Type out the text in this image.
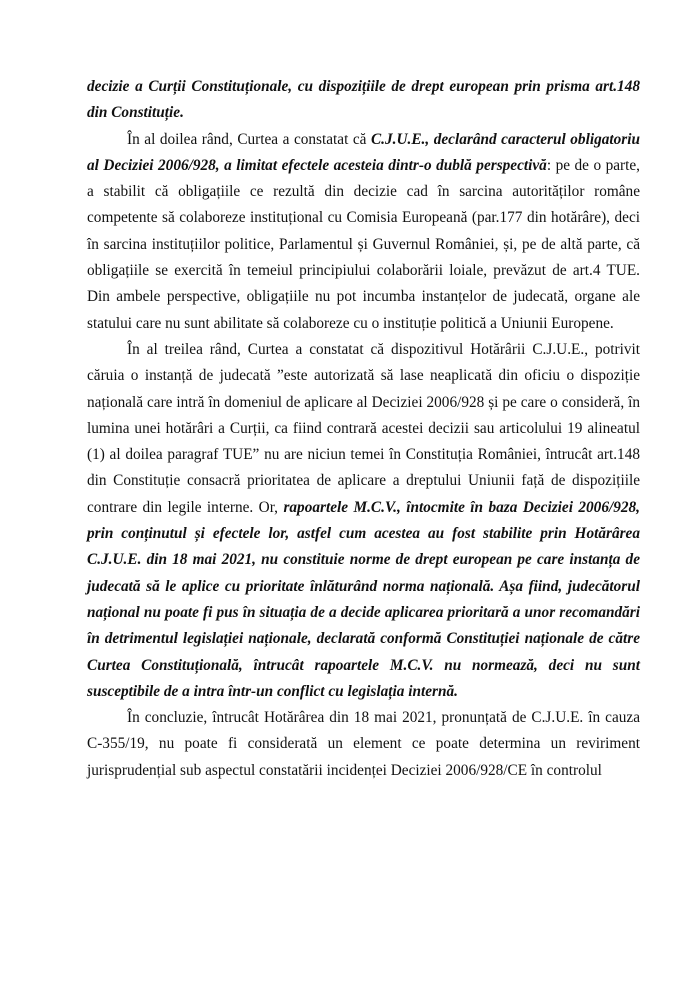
decizie a Curții Constituționale, cu dispozițiile de drept european prin prisma art.148 din Constituție.

În al doilea rând, Curtea a constatat că C.J.U.E., declarând caracterul obligatoriu al Deciziei 2006/928, a limitat efectele acesteia dintr-o dublă perspectivă: pe de o parte, a stabilit că obligațiile ce rezultă din decizie cad în sarcina autorităților române competente să colaboreze instituțional cu Comisia Europeană (par.177 din hotărâre), deci în sarcina instituțiilor politice, Parlamentul și Guvernul României, și, pe de altă parte, că obligațiile se exercită în temeiul principiului colaborării loiale, prevăzut de art.4 TUE. Din ambele perspective, obligațiile nu pot incumba instanțelor de judecată, organe ale statului care nu sunt abilitate să colaboreze cu o instituție politică a Uniunii Europene.

În al treilea rând, Curtea a constatat că dispozitivul Hotărârii C.J.U.E., potrivit căruia o instanță de judecată ”este autorizată să lase neaplicată din oficiu o dispoziție națională care intră în domeniul de aplicare al Deciziei 2006/928 și pe care o consideră, în lumina unei hotărâri a Curții, ca fiind contrară acestei decizii sau articolului 19 alineatul (1) al doilea paragraf TUE” nu are niciun temei în Constituția României, întrucât art.148 din Constituție consacră prioritatea de aplicare a dreptului Uniunii față de dispozițiile contrare din legile interne. Or, rapoartele M.C.V., întocmite în baza Deciziei 2006/928, prin conținutul și efectele lor, astfel cum acestea au fost stabilite prin Hotărârea C.J.U.E. din 18 mai 2021, nu constituie norme de drept european pe care instanța de judecată să le aplice cu prioritate înlăturând norma națională. Așa fiind, judecătorul național nu poate fi pus în situația de a decide aplicarea prioritară a unor recomandări în detrimentul legislației naționale, declarată conformă Constituției naționale de către Curtea Constituțională, întrucât rapoartele M.C.V. nu normează, deci nu sunt susceptibile de a intra într-un conflict cu legislația internă.

În concluzie, întrucât Hotărârea din 18 mai 2021, pronunțată de C.J.U.E. în cauza C-355/19, nu poate fi considerată un element ce poate determina un reviriment jurisprudențial sub aspectul constatării incidenței Deciziei 2006/928/CE în controlul
